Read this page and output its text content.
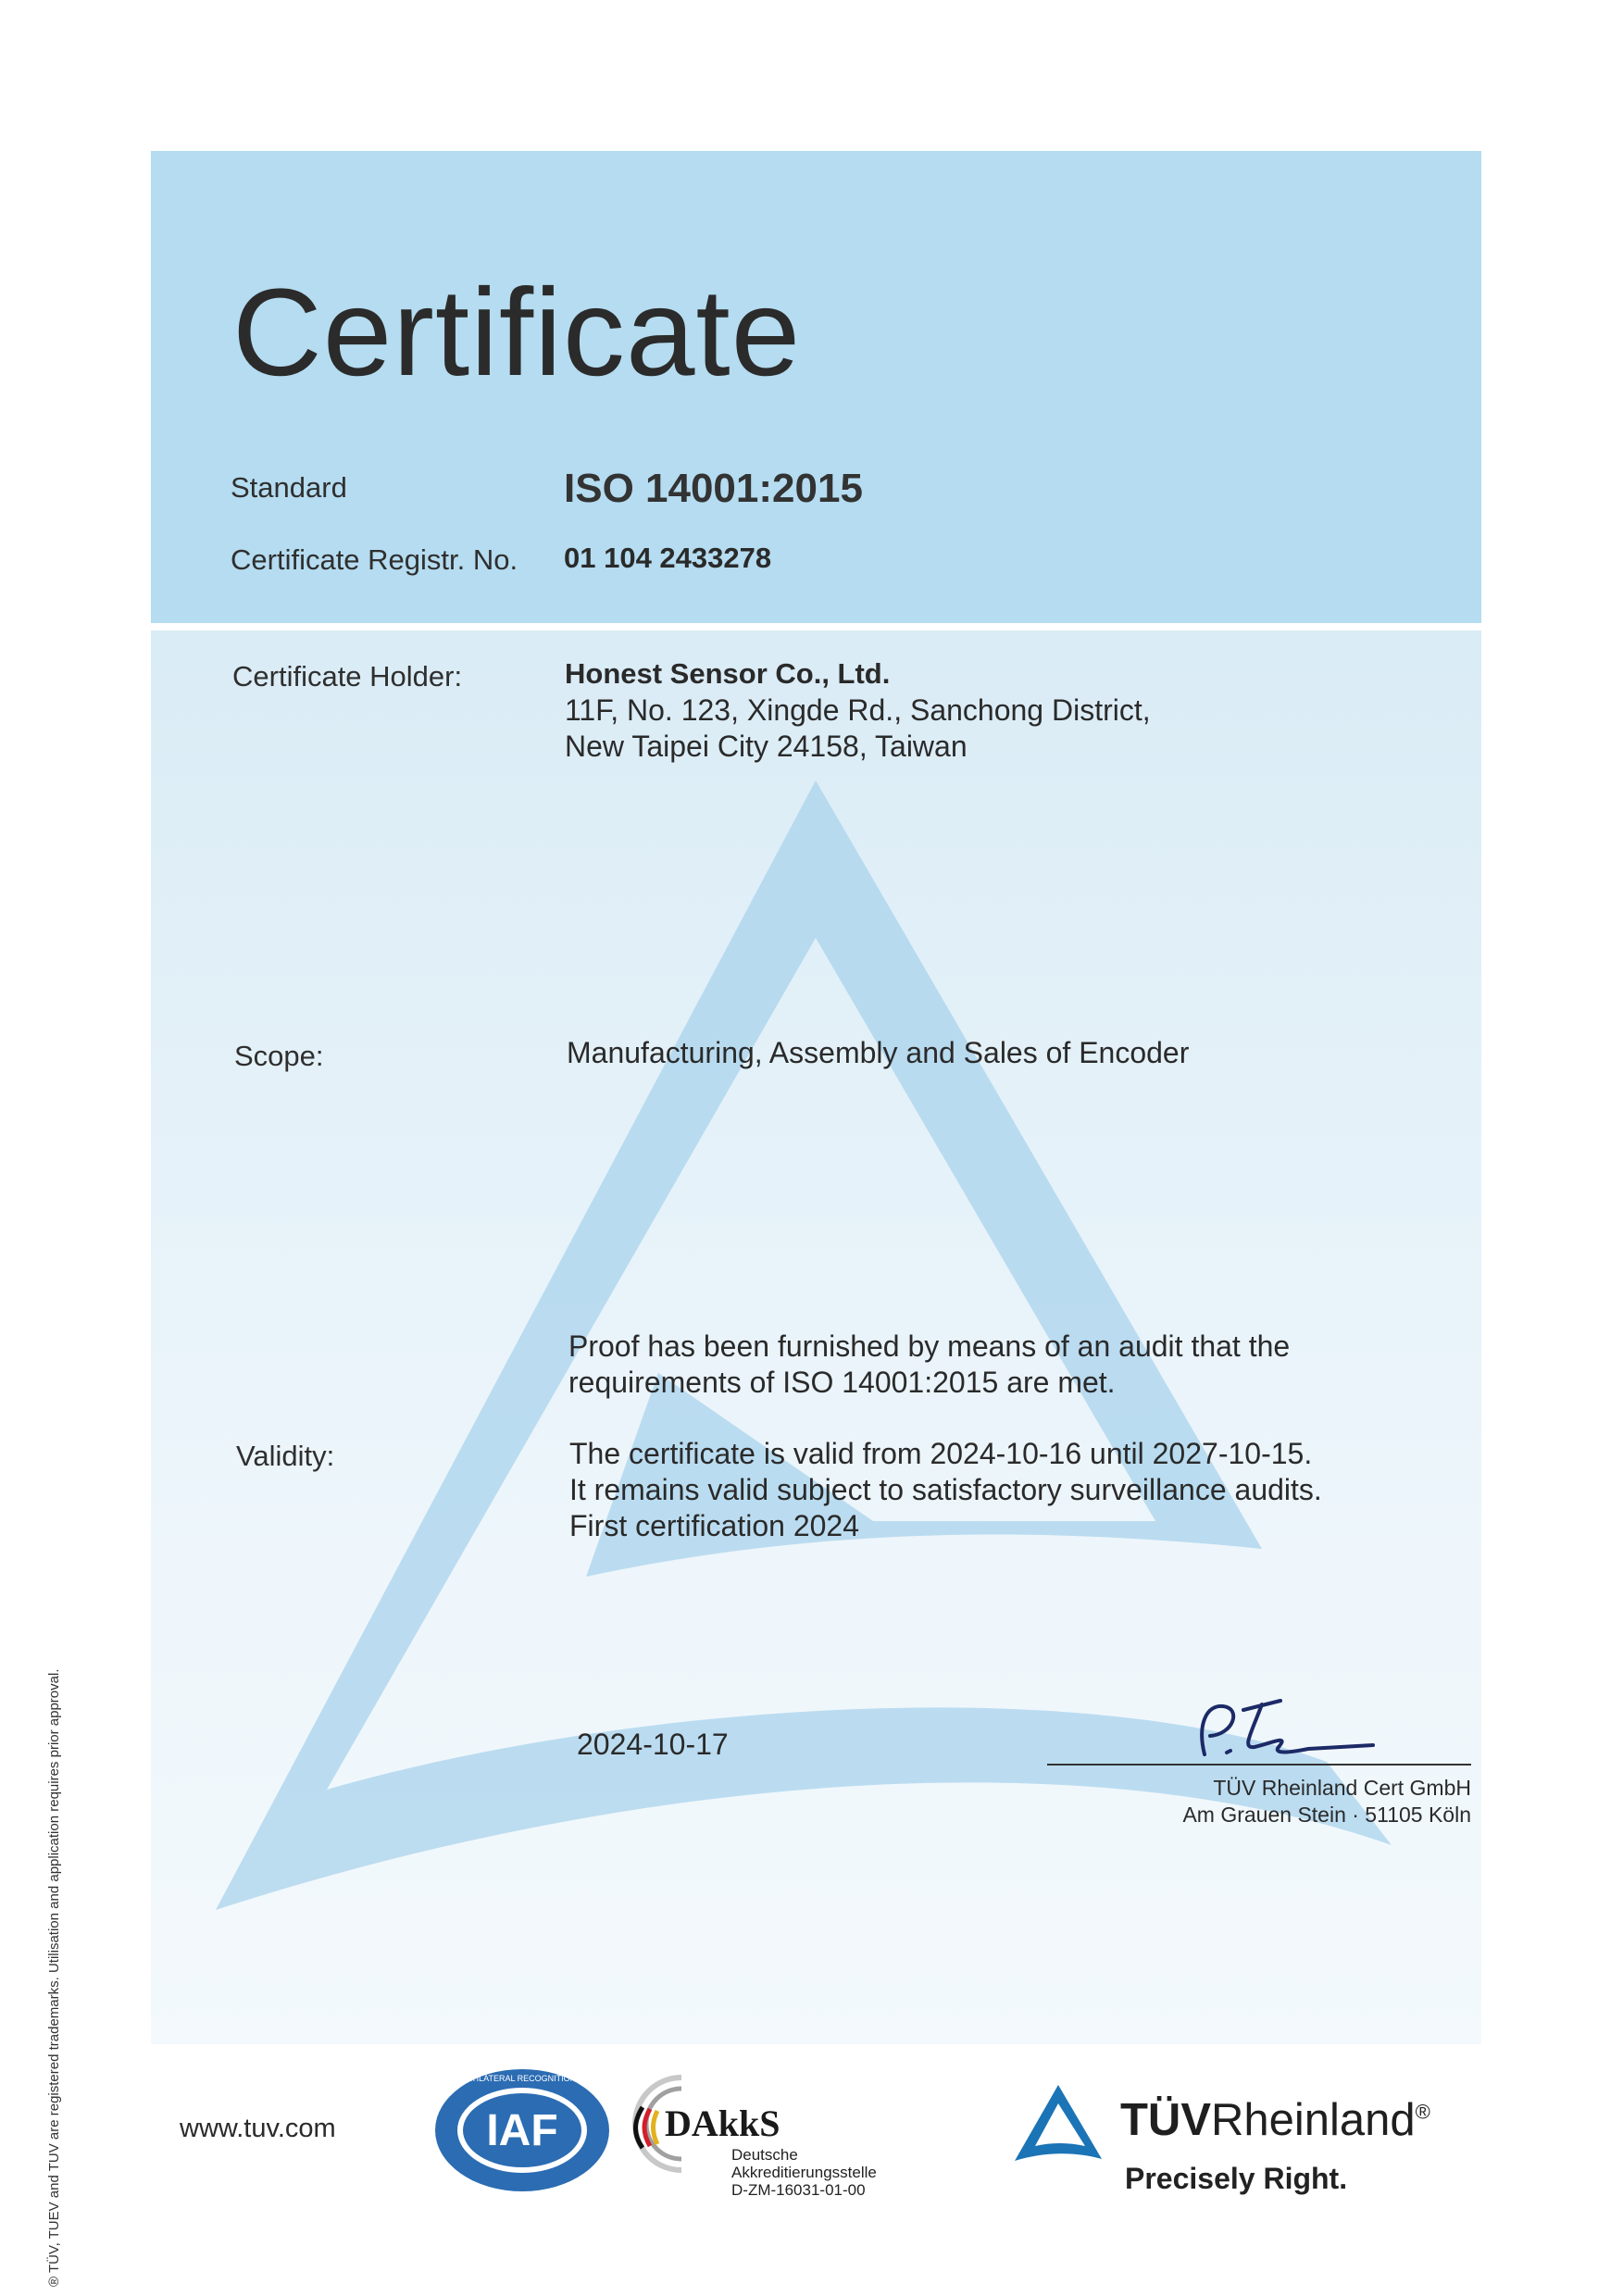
Certificate
Standard	ISO 14001:2015
Certificate Registr. No. 01 104 2433278
Certificate Holder:	Honest Sensor Co., Ltd.
11F, No. 123, Xingde Rd., Sanchong District,
New Taipei City 24158, Taiwan
Scope:	Manufacturing, Assembly and Sales of Encoder
Proof has been furnished by means of an audit that the
requirements of ISO 14001:2015 are met.
Validity:	The certificate is valid from 2024-10-16 until 2027-10-15.
It remains valid subject to satisfactory surveillance audits.
First certification 2024
2024-10-17
TÜV Rheinland Cert GmbH
Am Grauen Stein · 51105 Köln
® TÜV, TUEV and TUV are registered trademarks. Utilisation and application requires prior approval.	www.tuv.com	IAF
MEMBER OF MULTILATERAL RECOGNITION ARRANGEMENT
DAkkS
Deutsche
Akkreditierungsstelle
D-ZM-16031-01-00
TÜVRheinland®
Precisely Right.
